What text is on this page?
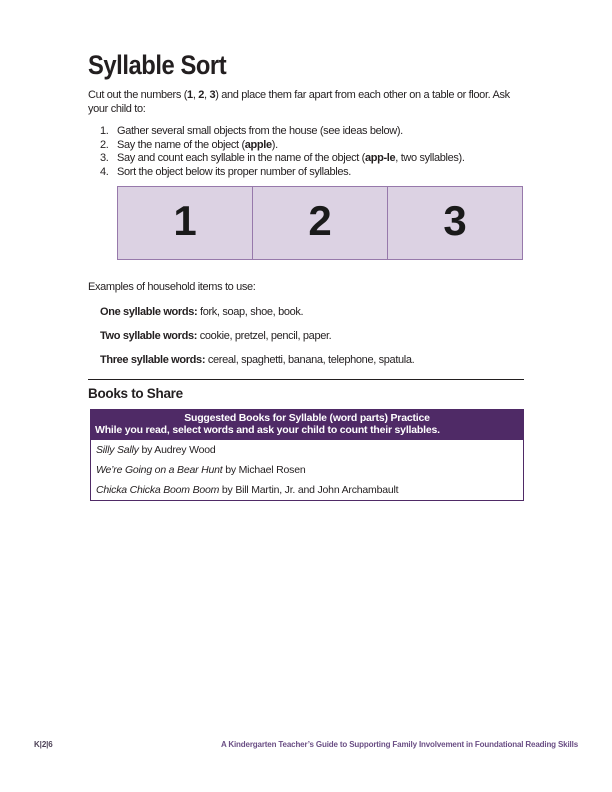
Syllable Sort

Cut out the numbers (1, 2, 3) and place them far apart from each other on a table or floor. Ask your child to:

1. Gather several small objects from the house (see ideas below).
2. Say the name of the object (apple).
3. Say and count each syllable in the name of the object (app-le, two syllables).
4. Sort the object below its proper number of syllables.
1	2	3

Examples of household items to use:

One syllable words: fork, soap, shoe, book.
Two syllable words: cookie, pretzel, pencil, paper.
Three syllable words: cereal, spaghetti, banana, telephone, spatula.
Books to Share
Suggested Books for Syllable (word parts) Practice
While you read, select words and ask your child to count their syllables.
Silly Sally by Audrey Wood
We’re Going on a Bear Hunt by Michael Rosen
Chicka Chicka Boom Boom by Bill Martin, Jr. and John Archambault
K|2|6	A Kindergarten Teacher’s Guide to Supporting Family Involvement in Foundational Reading Skills
